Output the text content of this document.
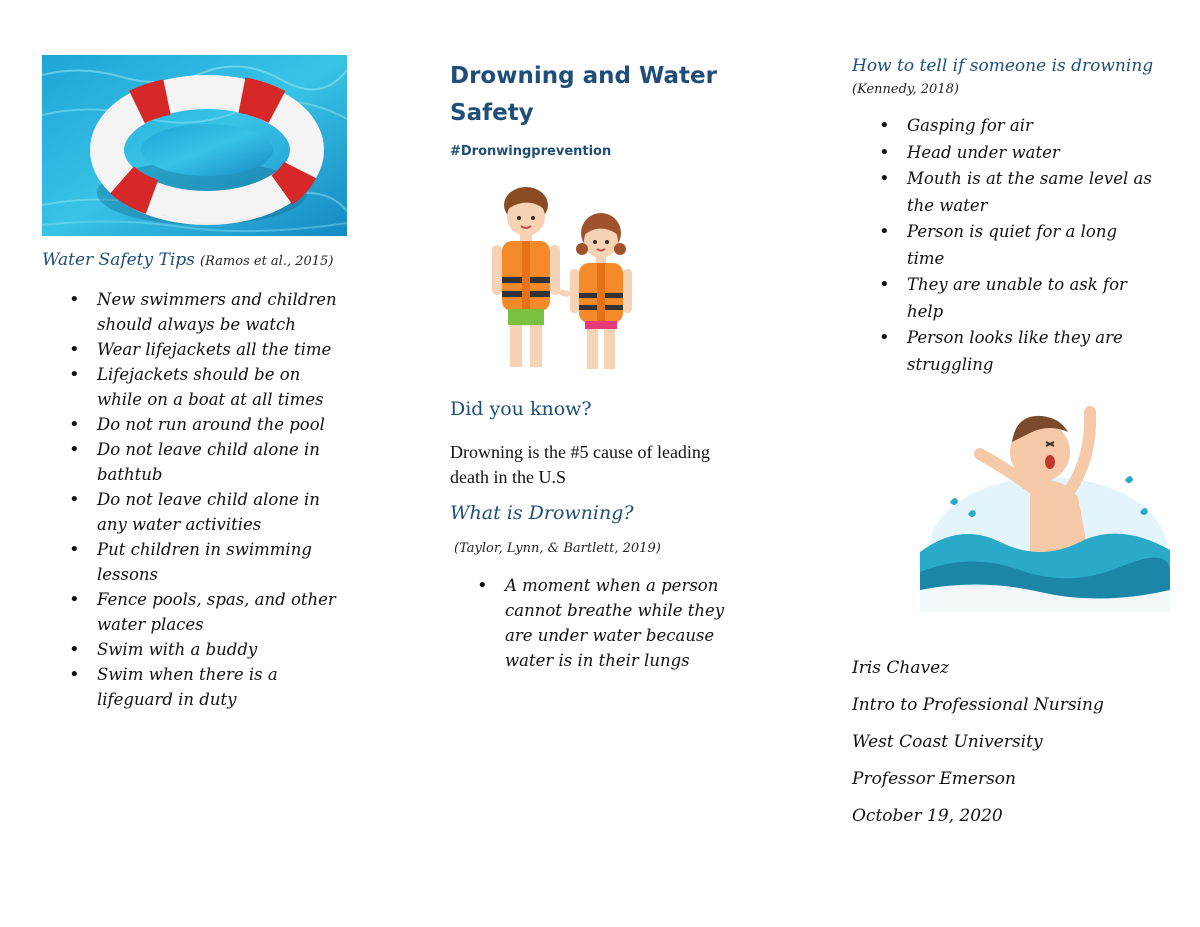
Water Safety Tips (Ramos et al., 2015)
• New swimmers and children should always be watch
• Wear lifejackets all the time
• Lifejackets should be on while on a boat at all times
• Do not run around the pool
• Do not leave child alone in bathtub
• Do not leave child alone in any water activities
• Put children in swimming lessons
• Fence pools, spas, and other water places
• Swim with a buddy
• Swim when there is a lifeguard in duty
Drowning and Water Safety
#Dronwingprevention
Did you know?
Drowning is the #5 cause of leading death in the U.S
What is Drowning?
(Taylor, Lynn, & Bartlett, 2019)
• A moment when a person cannot breathe while they are under water because water is in their lungs
How to tell if someone is drowning
(Kennedy, 2018)
• Gasping for air
• Head under water
• Mouth is at the same level as the water
• Person is quiet for a long time
• They are unable to ask for help
• Person looks like they are struggling
Iris Chavez
Intro to Professional Nursing
West Coast University
Professor Emerson
October 19, 2020
